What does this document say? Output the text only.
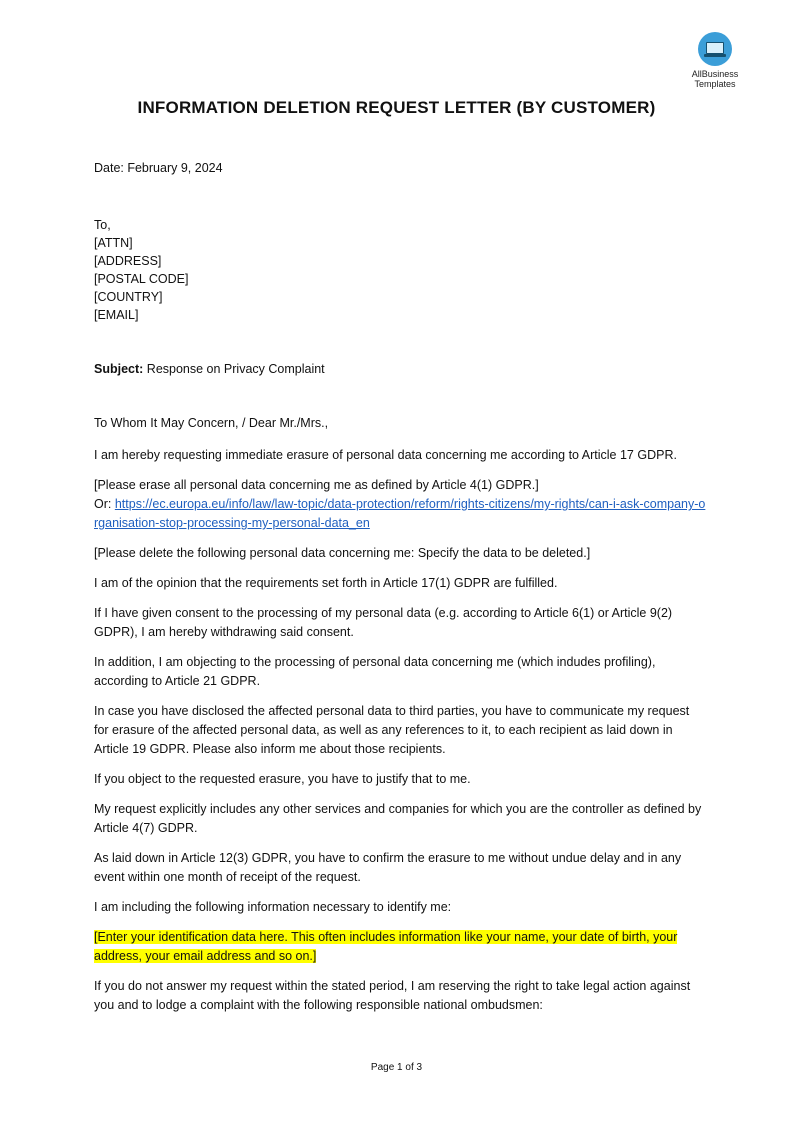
AllBusiness
Templates
INFORMATION DELETION REQUEST LETTER (BY CUSTOMER)

Date: February 9, 2024

To,
[ATTN]
[ADDRESS]
[POSTAL CODE]
[COUNTRY]
[EMAIL]

Subject: Response on Privacy Complaint

To Whom It May Concern, / Dear Mr./Mrs.,

I am hereby requesting immediate erasure of personal data concerning me according to Article 17 GDPR.

[Please erase all personal data concerning me as defined by Article 4(1) GDPR.]
Or: https://ec.europa.eu/info/law/law-topic/data-protection/reform/rights-citizens/my-rights/can-i-ask-company-organisation-stop-processing-my-personal-data_en

[Please delete the following personal data concerning me: Specify the data to be deleted.]

I am of the opinion that the requirements set forth in Article 17(1) GDPR are fulfilled.

If I have given consent to the processing of my personal data (e.g. according to Article 6(1) or Article 9(2) GDPR), I am hereby withdrawing said consent.

In addition, I am objecting to the processing of personal data concerning me (which indudes profiling), according to Article 21 GDPR.

In case you have disclosed the affected personal data to third parties, you have to communicate my request for erasure of the affected personal data, as well as any references to it, to each recipient as laid down in Article 19 GDPR. Please also inform me about those recipients.

If you object to the requested erasure, you have to justify that to me.

My request explicitly includes any other services and companies for which you are the controller as defined by Article 4(7) GDPR.

As laid down in Article 12(3) GDPR, you have to confirm the erasure to me without undue delay and in any event within one month of receipt of the request.

I am including the following information necessary to identify me:

[Enter your identification data here. This often includes information like your name, your date of birth, your address, your email address and so on.]

If you do not answer my request within the stated period, I am reserving the right to take legal action against you and to lodge a complaint with the following responsible national ombudsmen:

Page 1 of 3
